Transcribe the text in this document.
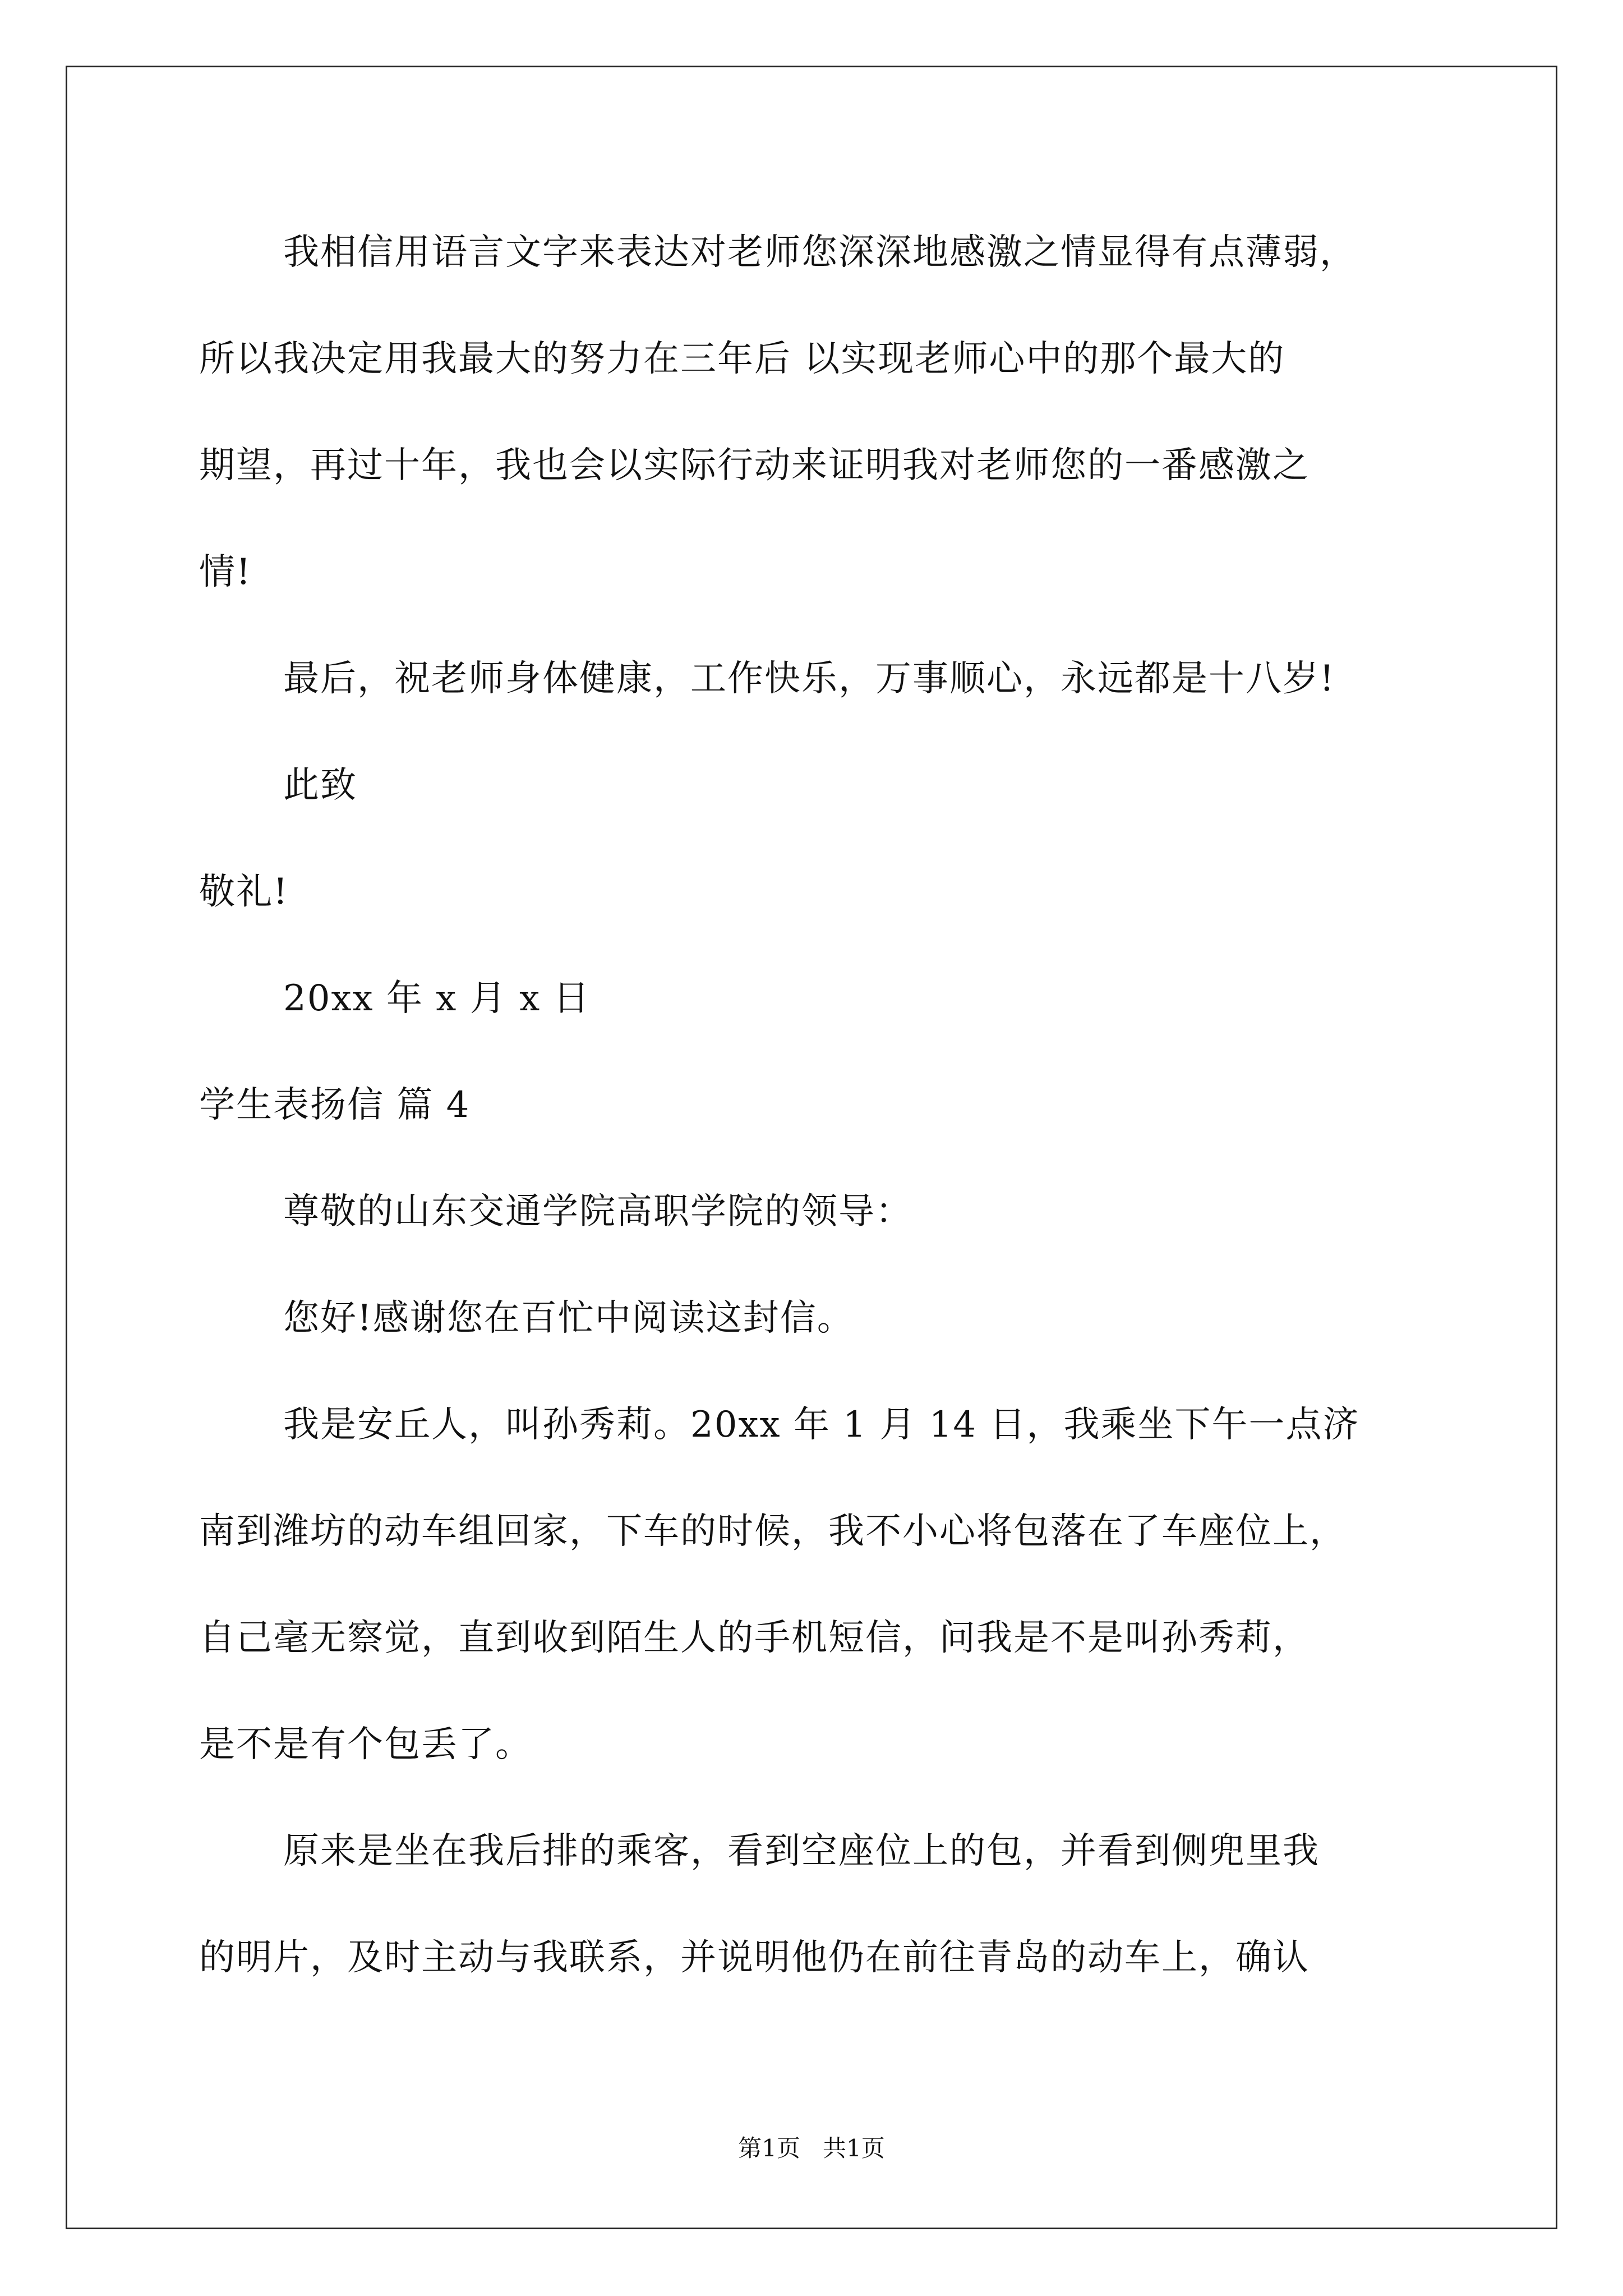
我相信用语言文字来表达对老师您深深地感激之情显得有点薄弱，
所以我决定用我最大的努力在三年后 以实现老师心中的那个最大的
期望，再过十年，我也会以实际行动来证明我对老师您的一番感激之
情!
最后，祝老师身体健康，工作快乐，万事顺心，永远都是十八岁!
此致
敬礼!
20xx 年 x 月 x 日
学生表扬信 篇 4
尊敬的山东交通学院高职学院的领导：
您好!感谢您在百忙中阅读这封信。
我是安丘人，叫孙秀莉。20xx 年 1 月 14 日，我乘坐下午一点济
南到潍坊的动车组回家，下车的时候，我不小心将包落在了车座位上，
自己毫无察觉，直到收到陌生人的手机短信，问我是不是叫孙秀莉，
是不是有个包丢了。
原来是坐在我后排的乘客，看到空座位上的包，并看到侧兜里我
的明片，及时主动与我联系，并说明他仍在前往青岛的动车上，确认
第1页   共1页
